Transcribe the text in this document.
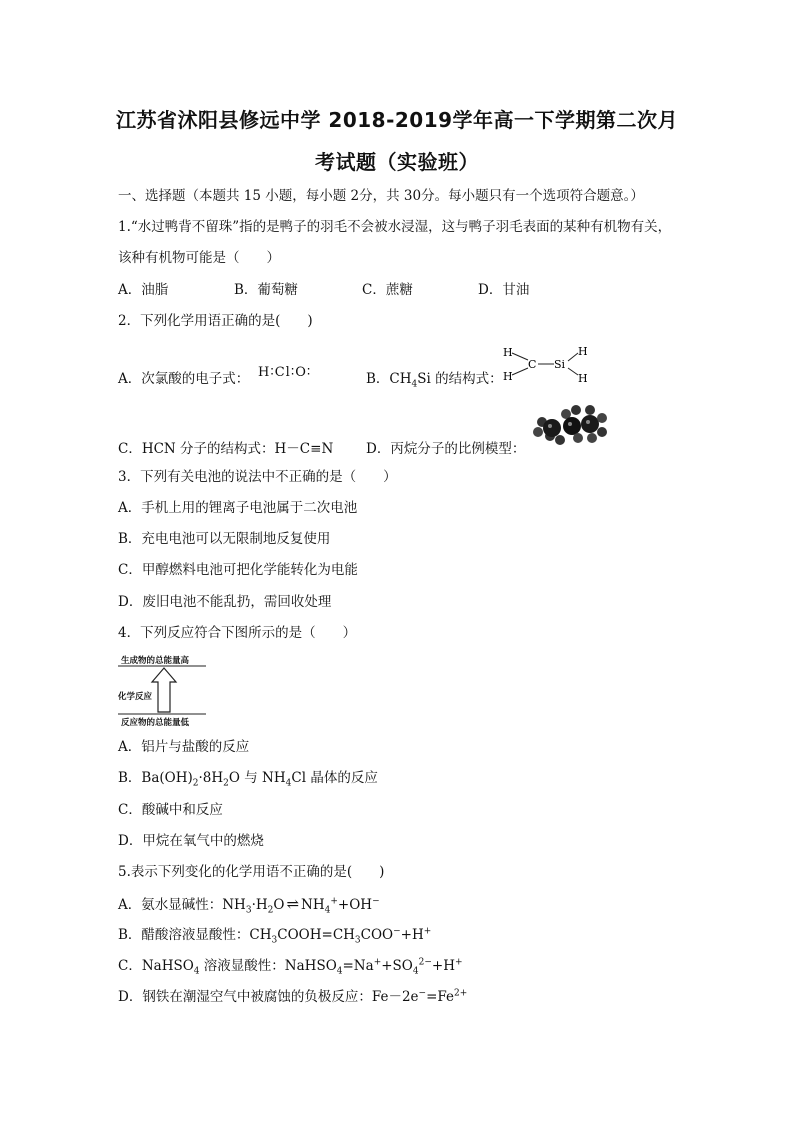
江苏省沭阳县修远中学 2018-2019学年高一下学期第二次月
考试题（实验班）
一、选择题（本题共 15 小题，每小题 2分，共 30分。每小题只有一个选项符合题意。）
1.“水过鸭背不留珠”指的是鸭子的羽毛不会被水浸湿，这与鸭子羽毛表面的某种有机物有关，
该种有机物可能是（　　）
A．油脂	B．葡萄糖	C．蔗糖	D．甘油
2．下列化学用语正确的是(　　)
A．次氯酸的电子式： H∶Cl∶O∶	B．$CH_4Si$ 的结构式：
H
H
C Si
H
H
C．HCN 分子的结构式：H－C≡N D．丙烷分子的比例模型：
3．下列有关电池的说法中不正确的是（　　）
A．手机上用的锂离子电池属于二次电池
B．充电电池可以无限制地反复使用
C．甲醇燃料电池可把化学能转化为电能
D．废旧电池不能乱扔，需回收处理
4．下列反应符合下图所示的是（　　）
生成物的总能量高
化学反应
反应物的总能量低
A．铝片与盐酸的反应
B．$Ba(OH)_2\cdot 8H_2O$ 与 $NH_4Cl$ 晶体的反应
C．酸碱中和反应
D．甲烷在氧气中的燃烧
5.表示下列变化的化学用语不正确的是(　　)
A．氨水显碱性：$NH_3\cdot H_2O$ ⇌ $NH_4^++OH^-$
B．醋酸溶液显酸性：$CH_3COOH=CH_3COO^-+H^+$
C．NaHSO$_4$ 溶液显酸性：$NaHSO_4=Na^++SO_4^{2-}+H^+$
D．钢铁在潮湿空气中被腐蚀的负极反应：$Fe-2e^-=Fe^{2+}$
